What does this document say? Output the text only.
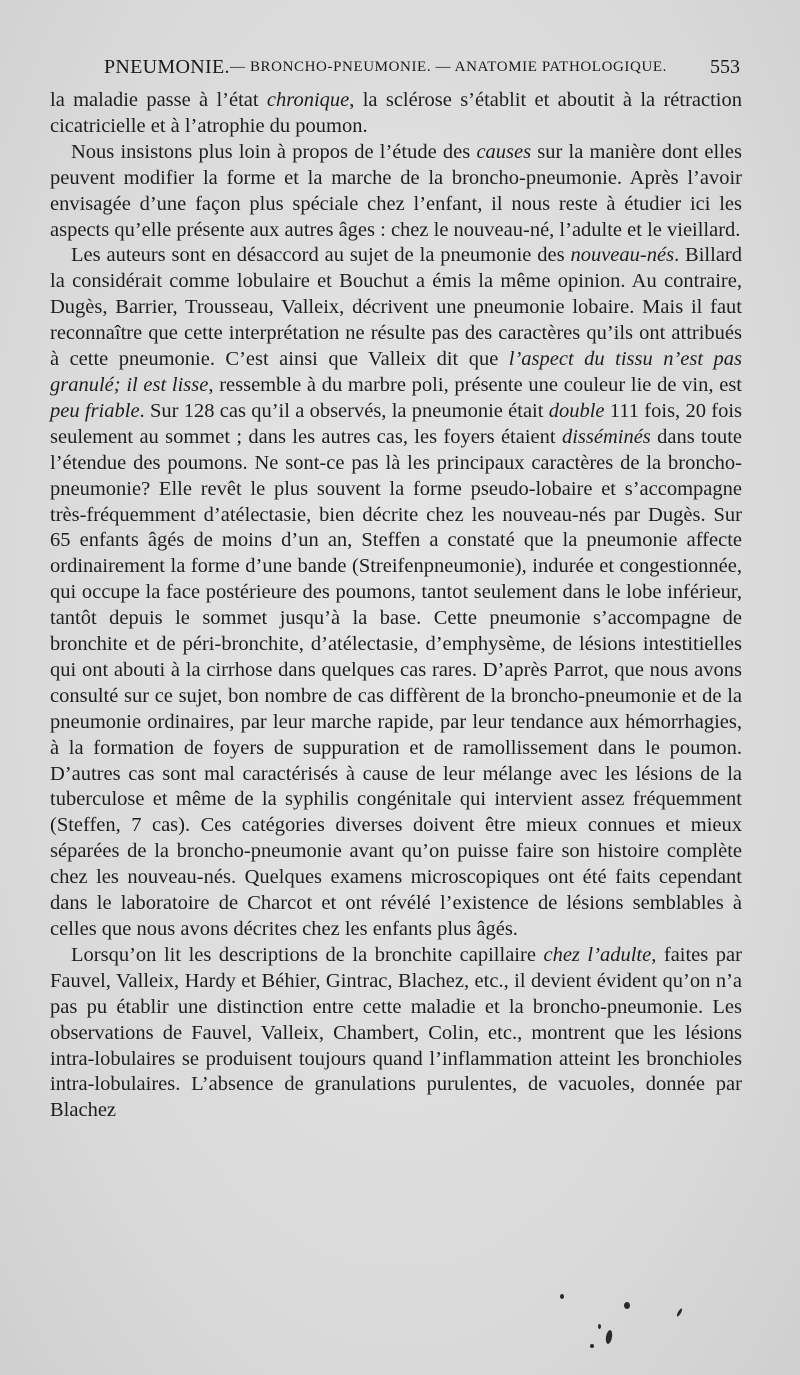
PNEUMONIE. — BRONCHO-PNEUMONIE. — ANATOMIE PATHOLOGIQUE. 553

la maladie passe à l’état chronique, la sclérose s’établit et aboutit à la rétraction cicatricielle et à l’atrophie du poumon.

Nous insistons plus loin à propos de l’étude des causes sur la manière dont elles peuvent modifier la forme et la marche de la broncho-pneumonie. Après l’avoir envisagée d’une façon plus spéciale chez l’enfant, il nous reste à étudier ici les aspects qu’elle présente aux autres âges : chez le nouveau-né, l’adulte et le vieillard.

Les auteurs sont en désaccord au sujet de la pneumonie des nouveau-nés. Billard la considérait comme lobulaire et Bouchut a émis la même opinion. Au contraire, Dugès, Barrier, Trousseau, Valleix, décrivent une pneumonie lobaire. Mais il faut reconnaître que cette interprétation ne résulte pas des caractères qu’ils ont attribués à cette pneumonie. C’est ainsi que Valleix dit que l’aspect du tissu n’est pas granulé; il est lisse, ressemble à du marbre poli, présente une couleur lie de vin, est peu friable. Sur 128 cas qu’il a observés, la pneumonie était double 111 fois, 20 fois seulement au sommet ; dans les autres cas, les foyers étaient disséminés dans toute l’étendue des poumons. Ne sont-ce pas là les principaux caractères de la broncho-pneumonie? Elle revêt le plus souvent la forme pseudo-lobaire et s’accompagne très-fréquemment d’atélectasie, bien décrite chez les nouveau-nés par Dugès. Sur 65 enfants âgés de moins d’un an, Steffen a constaté que la pneumonie affecte ordinairement la forme d’une bande (Streifenpneumonie), indurée et congestionnée, qui occupe la face postérieure des poumons, tantot seulement dans le lobe inférieur, tantôt depuis le sommet jusqu’à la base. Cette pneumonie s’accompagne de bronchite et de péri-bronchite, d’atélectasie, d’emphysème, de lésions intestitielles qui ont abouti à la cirrhose dans quelques cas rares. D’après Parrot, que nous avons consulté sur ce sujet, bon nombre de cas diffèrent de la broncho-pneumonie et de la pneumonie ordinaires, par leur marche rapide, par leur tendance aux hémorrhagies, à la formation de foyers de suppuration et de ramollissement dans le poumon. D’autres cas sont mal caractérisés à cause de leur mélange avec les lésions de la tuberculose et même de la syphilis congénitale qui intervient assez fréquemment (Steffen, 7 cas). Ces catégories diverses doivent être mieux connues et mieux séparées de la broncho-pneumonie avant qu’on puisse faire son histoire complète chez les nouveau-nés. Quelques examens microscopiques ont été faits cependant dans le laboratoire de Charcot et ont révélé l’existence de lésions semblables à celles que nous avons décrites chez les enfants plus âgés.

Lorsqu’on lit les descriptions de la bronchite capillaire chez l’adulte, faites par Fauvel, Valleix, Hardy et Béhier, Gintrac, Blachez, etc., il devient évident qu’on n’a pas pu établir une distinction entre cette maladie et la broncho-pneumonie. Les observations de Fauvel, Valleix, Chambert, Colin, etc., montrent que les lésions intra-lobulaires se produisent toujours quand l’inflammation atteint les bronchioles intra-lobulaires. L’absence de granulations purulentes, de vacuoles, donnée par Blachez
